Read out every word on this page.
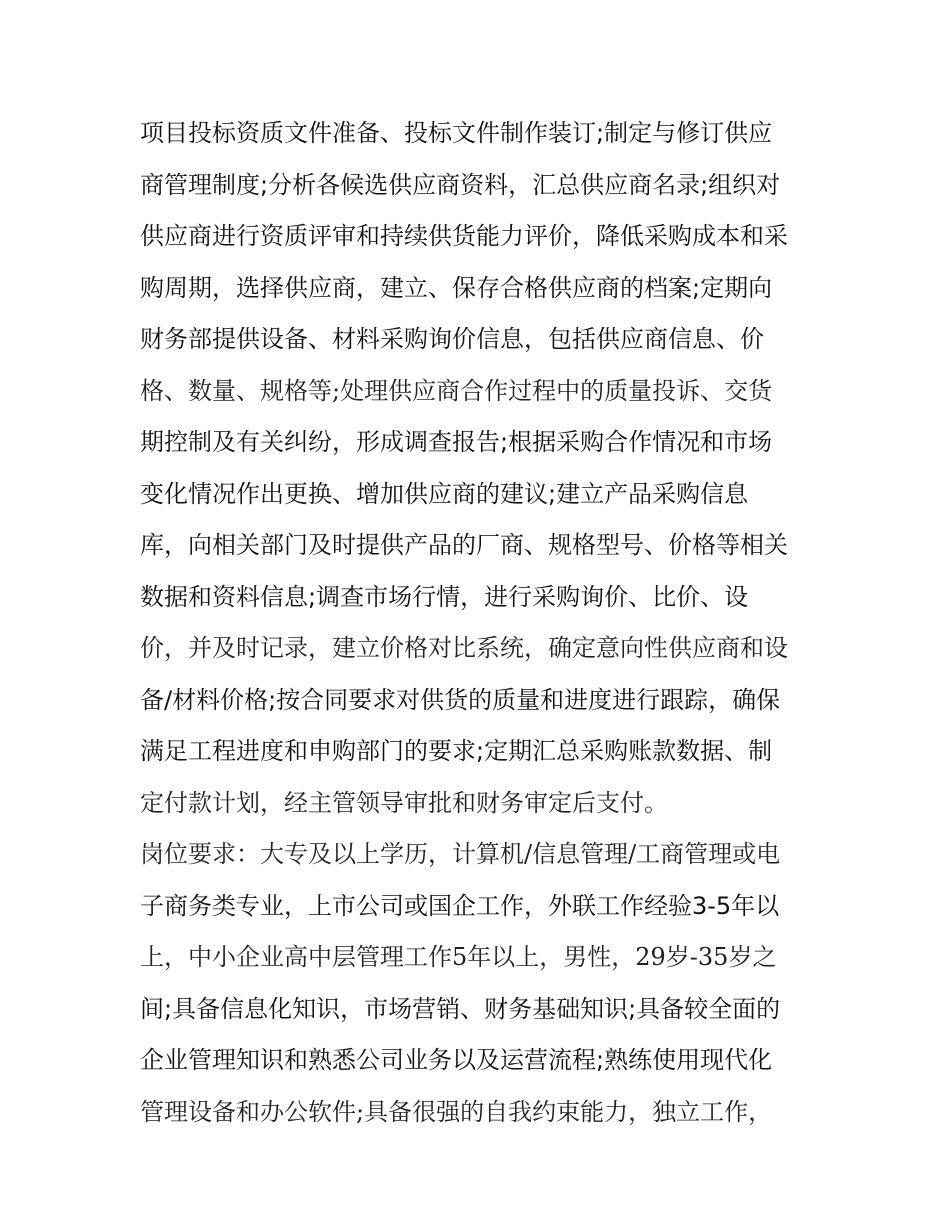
项目投标资质文件准备、投标文件制作装订;制定与修订供应
商管理制度;分析各候选供应商资料，汇总供应商名录;组织对
供应商进行资质评审和持续供货能力评价，降低采购成本和采
购周期，选择供应商，建立、保存合格供应商的档案;定期向
财务部提供设备、材料采购询价信息，包括供应商信息、价
格、数量、规格等;处理供应商合作过程中的质量投诉、交货
期控制及有关纠纷，形成调查报告;根据采购合作情况和市场
变化情况作出更换、增加供应商的建议;建立产品采购信息
库，向相关部门及时提供产品的厂商、规格型号、价格等相关
数据和资料信息;调查市场行情，进行采购询价、比价、设
价，并及时记录，建立价格对比系统，确定意向性供应商和设
备/材料价格;按合同要求对供货的质量和进度进行跟踪，确保
满足工程进度和申购部门的要求;定期汇总采购账款数据、制
定付款计划，经主管领导审批和财务审定后支付。
岗位要求：大专及以上学历，计算机/信息管理/工商管理或电
子商务类专业，上市公司或国企工作，外联工作经验3-5年以
上，中小企业高中层管理工作5年以上，男性，29岁-35岁之
间;具备信息化知识，市场营销、财务基础知识;具备较全面的
企业管理知识和熟悉公司业务以及运营流程;熟练使用现代化
管理设备和办公软件;具备很强的自我约束能力，独立工作，
